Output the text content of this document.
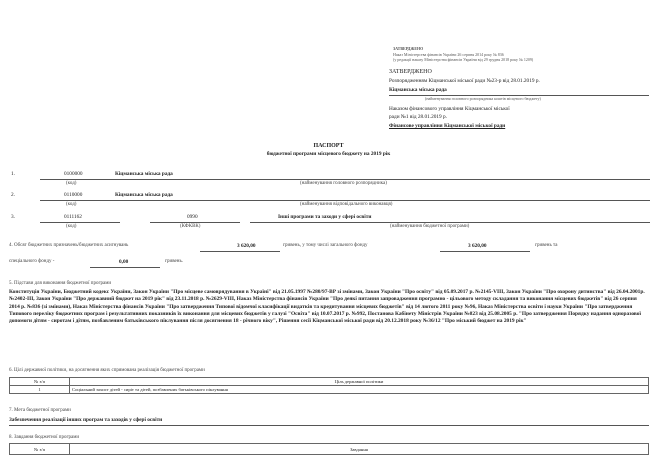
ЗАТВЕРДЖЕНО
Наказ Міністерства фінансів України 26 серпня 2014 року № 836
(у редакції наказу Міністерства фінансів України від 29 грудня 2018 року № 1209)
ЗАТВЕРДЖЕНО
Розпорядженням Кіцманської міської ради №23-р від 28.01.2019 р.
Кіцманська міська рада
(найменування головного розпорядника коштів місцевого бюджету)
Наказом фінансового управління Кіцманської міської
ради №1 від 28.01.2019 р.
Фінансове управління Кіцманської міської ради
ПАСПОРТ
бюджетної програми місцевого бюджету на 2019 рік
1.	0100000	Кіцманська міська рада
(код)	(найменування головного розпорядника)
2.	0110000	Кіцманська міська рада
(код)	(найменування відповідального виконавця)
3.	0111162	0990	Інші програми та заходи у сфері освіти
(код)	(КФКВК)	(найменування бюджетної програми)
4. Обсяг бюджетних призначень/бюджетних асигнувань	3 620,00	гривень, у тому числі загального фонду	3 620,00	гривень та
спеціального фонду -	0,00	гривень.
5. Підстави для виконання бюджетної програми
Конституція України, Бюджетний кодекс України, Закон України "Про місцеве самоврядування в Україні" від 21.05.1997 №280/97-ВР зі змінами, Закон України "Про освіту" від 05.09.2017 р. №2145-VIII, Закон України "Про охорону дитинства" від 26.04.2001р. №2402-III, Закон України "Про державний бюджет на 2019 рік" від 23.11.2018 р. №2629-VIII, Наказ Міністерства фінансів України "Про деякі питання запровадження програмно - цільового методу складання та виконання місцевих бюджетів" від 26 серпня 2014 р. №836 (зі змінами), Наказ Міністерства фінансів України "Про затвердження Типової відомчої класифікації видатків та кредитування місцевих бюджетів" від 14 лютого 2011 року №96, Наказ Міністерства освіти і науки України "Про затвердження Типового переліку бюджетних програм і результативних показників їх виконання для місцевих бюджетів у галузі "Освіта" від 10.07.2017 р. №992, Постанова Кабінету Міністрів України №823 від 25.08.2005 р. "Про затвердження Порядку надання одноразової допомоги дітям - сиротам і дітям, позбавленим батьківського піклування після досягнення 18 - річного віку", Рішення сесії Кіцманської міської ради від 20.12.2018 року №36/12 "Про міський бюджет на 2019 рік"
6. Цілі державної політики, на досягнення яких спрямована реалізація бюджетної програми
№ з/п	Ціль державної політики
1	Соціальний захист дітей - сиріт та дітей, позбавлених батьківського піклування
7. Мета бюджетної програми
Забезпечення реалізації інших програм та заходів у сфері освіти
8. Завдання бюджетної програми
№ з/п	Завдання
